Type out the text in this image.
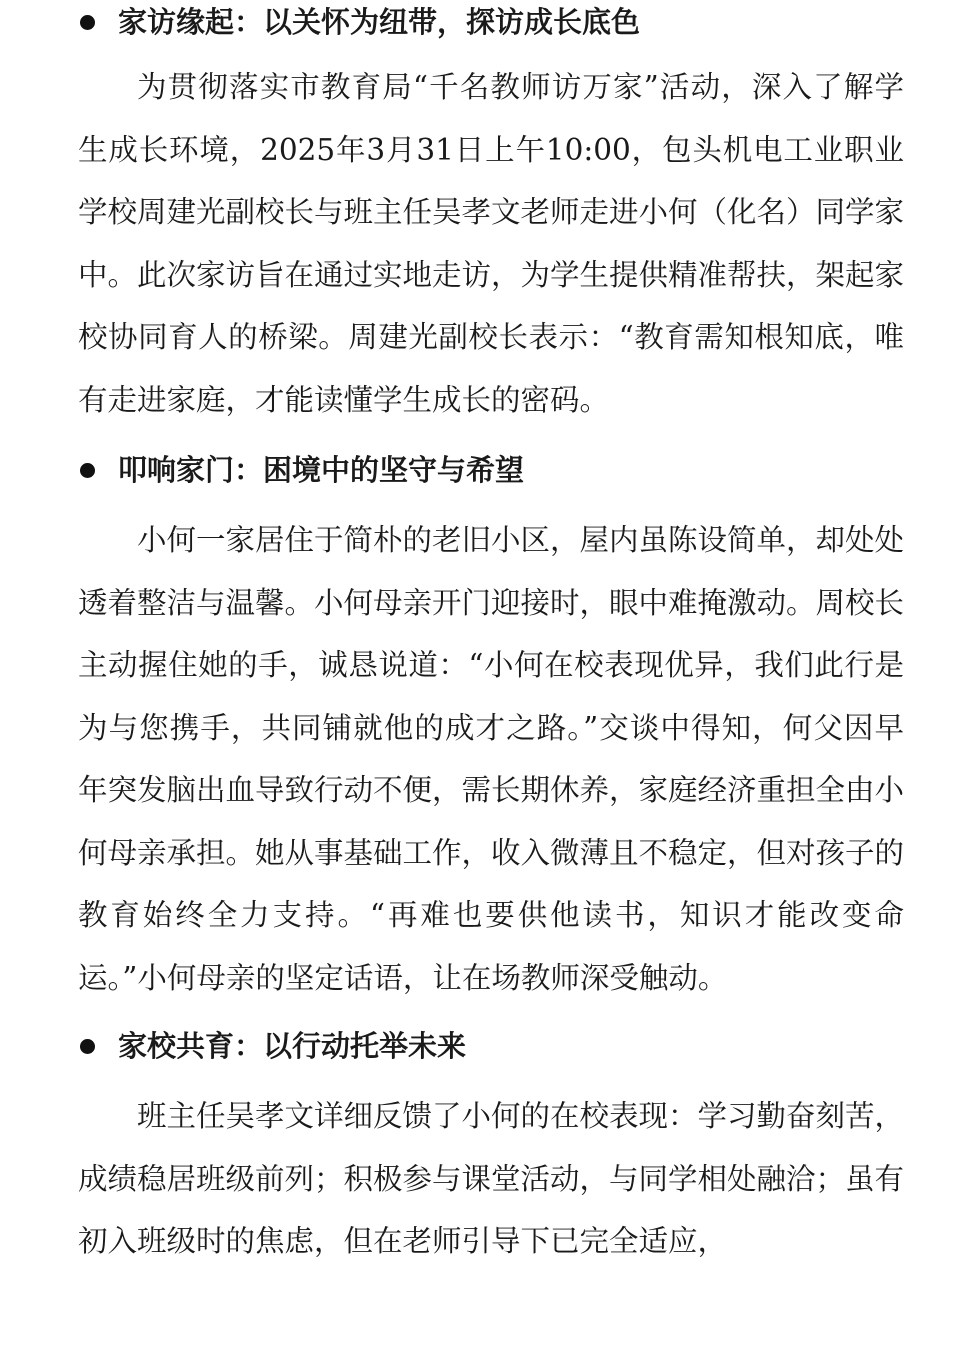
家访缘起：以关怀为纽带，探访成长底色

为贯彻落实市教育局“千名教师访万家”活动，深入了解学生成长环境，2025年3月31日上午10:00，包头机电工业职业学校周建光副校长与班主任吴孝文老师走进小何（化名）同学家中。此次家访旨在通过实地走访，为学生提供精准帮扶，架起家校协同育人的桥梁。周建光副校长表示：“教育需知根知底，唯有走进家庭，才能读懂学生成长的密码。

叩响家门：困境中的坚守与希望

小何一家居住于简朴的老旧小区，屋内虽陈设简单，却处处透着整洁与温馨。小何母亲开门迎接时，眼中难掩激动。周校长主动握住她的手，诚恳说道：“小何在校表现优异，我们此行是为与您携手，共同铺就他的成才之路。”交谈中得知，何父因早年突发脑出血导致行动不便，需长期休养，家庭经济重担全由小何母亲承担。她从事基础工作，收入微薄且不稳定，但对孩子的教育始终全力支持。“再难也要供他读书，知识才能改变命运。”小何母亲的坚定话语，让在场教师深受触动。

家校共育：以行动托举未来

班主任吴孝文详细反馈了小何的在校表现：学习勤奋刻苦，成绩稳居班级前列；积极参与课堂活动，与同学相处融洽；虽有初入班级时的焦虑，但在老师引导下已完全适应，
